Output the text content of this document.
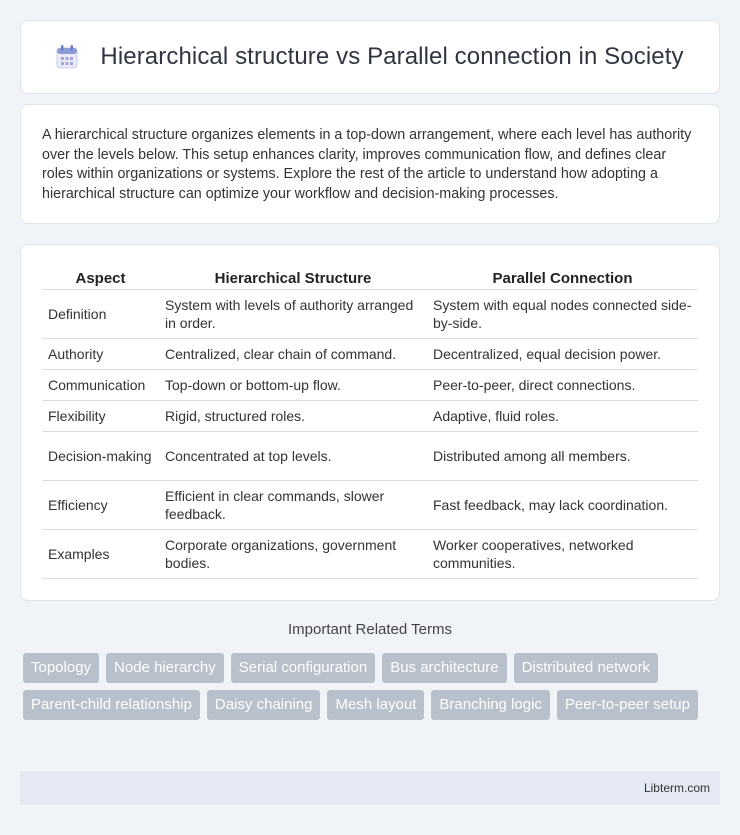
Hierarchical structure vs Parallel connection in Society

A hierarchical structure organizes elements in a top-down arrangement, where each level has authority over the levels below. This setup enhances clarity, improves communication flow, and defines clear roles within organizations or systems. Explore the rest of the article to understand how adopting a hierarchical structure can optimize your workflow and decision-making processes.

Aspect	Hierarchical Structure	Parallel Connection
Definition	System with levels of authority arranged in order.	System with equal nodes connected side-by-side.
Authority	Centralized, clear chain of command.	Decentralized, equal decision power.
Communication	Top-down or bottom-up flow.	Peer-to-peer, direct connections.
Flexibility	Rigid, structured roles.	Adaptive, fluid roles.
Decision-making	Concentrated at top levels.	Distributed among all members.
Efficiency	Efficient in clear commands, slower feedback.	Fast feedback, may lack coordination.
Examples	Corporate organizations, government bodies.	Worker cooperatives, networked communities.
Important Related Terms
Topology	Node hierarchy	Serial configuration	Bus architecture	Distributed network
Parent-child relationship	Daisy chaining	Mesh layout	Branching logic	Peer-to-peer setup
Libterm.com
